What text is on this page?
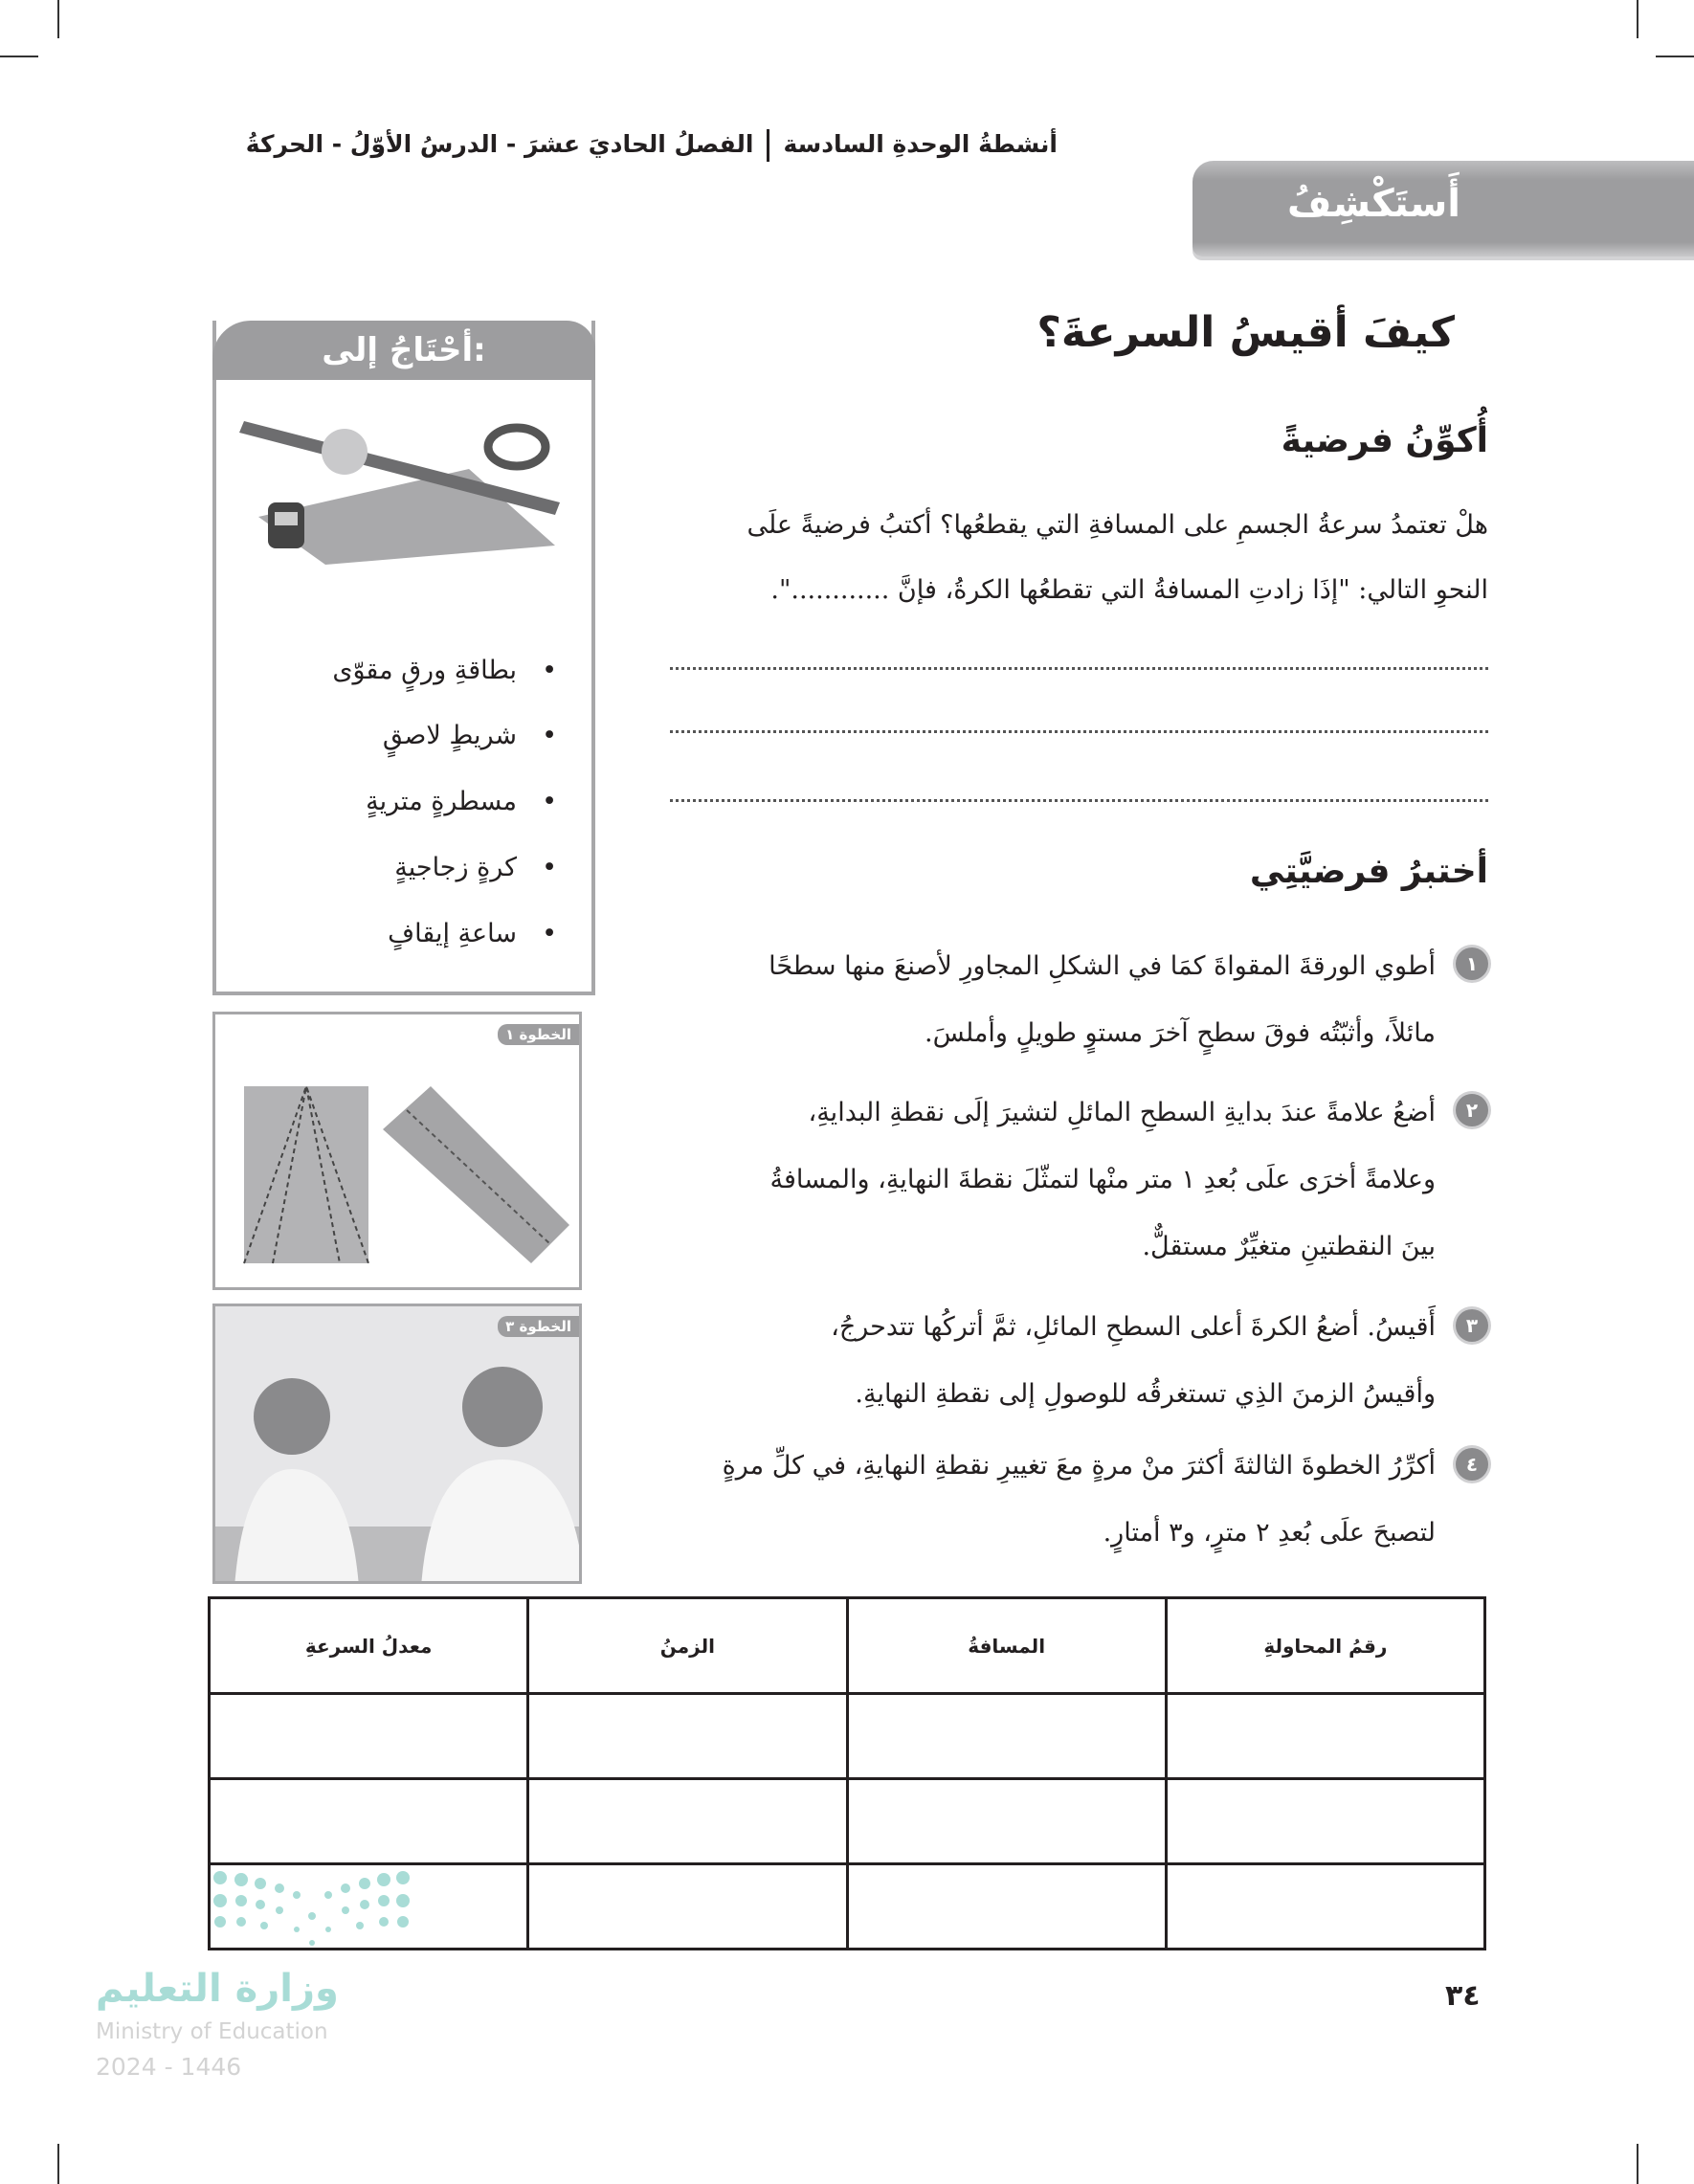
أنشطةُ الوحدةِ السادسةالفصلُ الحاديَ عشرَ - الدرسُ الأوّلُ - الحركةُ
أَستَكْشِفُ
كيفَ أقيسُ السرعةَ؟
أُكوِّنُ فرضيةً
هلْ تعتمدُ سرعةُ الجسمِ على المسافةِ التي يقطعُها؟ أكتبُ فرضيةً علَى
النحوِ التالي: "إذَا زادتِ المسافةُ التي تقطعُها الكرةُ، فإنَّ ............".
أختبرُ فرضيَّتِي
١
أطوي الورقةَ المقواةَ كمَا في الشكلِ المجاورِ لأصنعَ منها سطحًا
مائلاً، وأثبّتُه فوقَ سطحٍ آخرَ مستوٍ طويلٍ وأملسَ.
٢
أضعُ علامةً عندَ بدايةِ السطحِ المائلِ لتشيرَ إلَى نقطةِ البدايةِ،
وعلامةً أخرَى علَى بُعدِ ١ متر منْها لتمثّلَ نقطةَ النهايةِ، والمسافةُ
بينَ النقطتينِ متغيِّرٌ مستقلٌّ.
٣
أَقيسُ. أضعُ الكرةَ أعلى السطحِ المائلِ، ثمَّ أتركُها تتدحرجُ،
وأقيسُ الزمنَ الذِي تستغرقُه للوصولِ إلى نقطةِ النهايةِ.
٤
أكرِّرُ الخطوةَ الثالثةَ أكثرَ منْ مرةٍ معَ تغييرِ نقطةِ النهايةِ، في كلِّ مرةٍ
لتصبحَ علَى بُعدِ ٢ مترٍ، و٣ أمتارٍ.
أحْتَاجُ إلى:
بطاقةِ ورقٍ مقوّى •
شريطٍ لاصقٍ •
مسطرةٍ متريةٍ •
كرةٍ زجاجيةٍ •
ساعةِ إيقافٍ •
الخطوة ١
الخطوة ٣
رقمُ المحاولةِ	المسافةُ	الزمنُ	معدلُ السرعةِ

وزارة التعليم
Ministry of Education
2024 - 1446
٣٤
